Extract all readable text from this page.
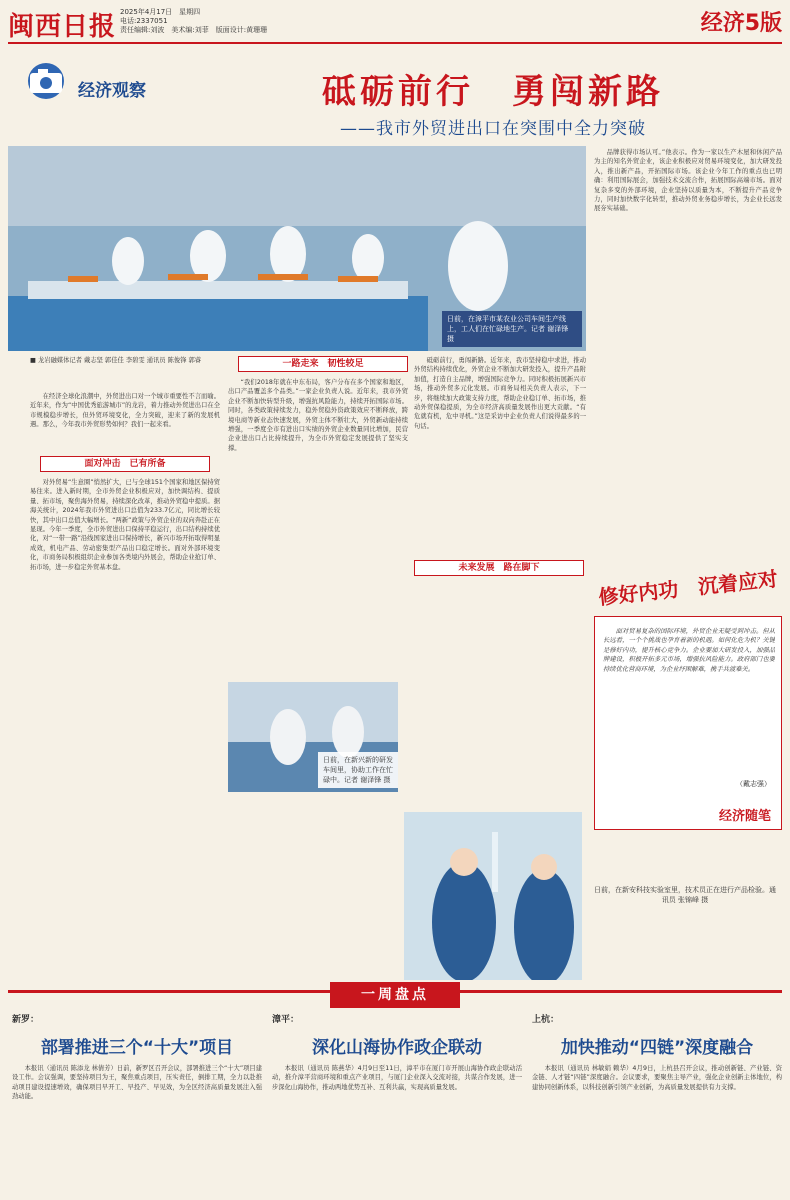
闽西日报 2025年4月17日　星期四
电话:2337051
责任编辑:刘波　美术编:刘菲　版面设计:黄珊珊	经济5版
经济观察	砥砺前行　勇闯新路
——我市外贸进出口在突围中全力突破
日前，在漳平市某农业公司车间生产线上，工人们在忙碌地生产。记者 谢泽锋 摄
■ 龙岩融媒体记者 戴志坚 郭佳佳 李碧雯 通讯员 陈俊锋 郭睿

在经济全球化浪潮中，外贸进出口对一个城市重要性不言而喻。近年来，作为“中国优秀旅游城市”的龙岩，着力推动外贸进出口在全市规模稳步增长，但外贸环境变化，全力突破，迎来了新的发展机遇。那么，今年我市外贸形势如何？我们一起来看。

面对冲击　已有所备

对外贸易“生意圈”悄然扩大，已与全球151个国家和地区保持贸易往来。进入新时期，全市外贸企业积极应对，加快调结构、提质量、拓市场，聚焦海外贸易，持续深化改革，推动外贸稳中提质。据海关统计，2024年我市外贸进出口总值为233.7亿元，同比增长较快，其中出口总值大幅增长。“两新”政策与外贸企业的双向奔赴正在显现。今年一季度，全市外贸进出口保持平稳运行，出口结构持续优化，对“一带一路”沿线国家进出口保持增长，新兴市场开拓取得明显成效，机电产品、劳动密集型产品出口稳定增长。面对外部环境变化，市商务局积极组织企业参加各类境内外展会，帮助企业抢订单、拓市场，进一步稳定外贸基本盘。

一路走来　韧性较足

“我们2018年就在中东布局，客户分布在多个国家和地区，出口产品覆盖多个品类。”一家企业负责人说。近年来，我市外贸企业不断加快转型升级，增强抗风险能力，持续开拓国际市场。同时，各类政策持续发力，稳外贸稳外资政策效应不断释放，跨境电商等新业态快速发展，外贸主体不断壮大，外贸新动能持续增强，一季度全市有进出口实绩的外贸企业数量同比增加，民营企业进出口占比持续提升，为全市外贸稳定发展提供了坚实支撑。

砥砺前行，勇闯新路。近年来，我市坚持稳中求进，推动外贸结构持续优化，外贸企业不断加大研发投入，提升产品附加值，打造自主品牌，增强国际竞争力。同时积极拓展新兴市场，推动外贸多元化发展。市商务局相关负责人表示，下一步，将继续加大政策支持力度，帮助企业稳订单、拓市场，推动外贸保稳提质，为全市经济高质量发展作出更大贡献。“有危就有机，危中寻机。”这是采访中企业负责人们说得最多的一句话。

未来发展　路在脚下

品牌获得市场认可。”他表示。作为一家以生产木屋和休闲产品为主的知名外贸企业，该企业积极应对贸易环境变化，加大研发投入，推出新产品，开拓国际市场。该企业今年工作的重点也已明确：利用国际展会，加强技术交流合作，拓展国际高端市场。面对复杂多变的外部环境，企业坚持以质量为本，不断提升产品竞争力，同时加快数字化转型，推动外贸业务稳步增长，为企业长远发展夯实基础。

日前，在新兴新的研发车间里，协助工作在忙碌中。记者 谢泽锋 摄
日前，在新安科技实验室里，技术员正在进行产品检验。通讯员 张锦峰 摄
修好内功　沉着应对

面对贸易复杂的国际环境，外贸企业无疑受到冲击。但从长远看，一个个挑战也孕育着新的机遇。如何化危为机？关键是修好内功，提升核心竞争力。企业要加大研发投入，加强品牌建设，积极开拓多元市场，增强抗风险能力。政府部门也要持续优化营商环境，为企业纾困解难，携手共渡难关。

（戴志强）
经济随笔
一周盘点
新罗：
部署推进三个“十大”项目

本报讯（通讯员 陈添龙 林倩芳）日前，新罗区召开会议，部署推进三个“十大”项目建设工作。会议强调，要坚持项目为王，聚焦重点项目，压实责任，倒排工期，全力以赴推动项目建设提速增效，确保项目早开工、早投产、早见效，为全区经济高质量发展注入强劲动能。

漳平：
深化山海协作政企联动

本报讯（通讯员 陈燕华）4月9日至11日，漳平市在厦门市开展山海协作政企联动活动，推介漳平营商环境和重点产业项目，与厦门企业深入交流对接，共谋合作发展，进一步深化山海协作，推动两地优势互补、互利共赢，实现高质量发展。

上杭：
加快推动“四链”深度融合

本报讯（通讯员 林敏娟 赖华）4月9日，上杭县召开会议，推动创新链、产业链、资金链、人才链“四链”深度融合。会议要求，要聚焦主导产业，强化企业创新主体地位，构建协同创新体系，以科技创新引领产业创新，为高质量发展提供有力支撑。
